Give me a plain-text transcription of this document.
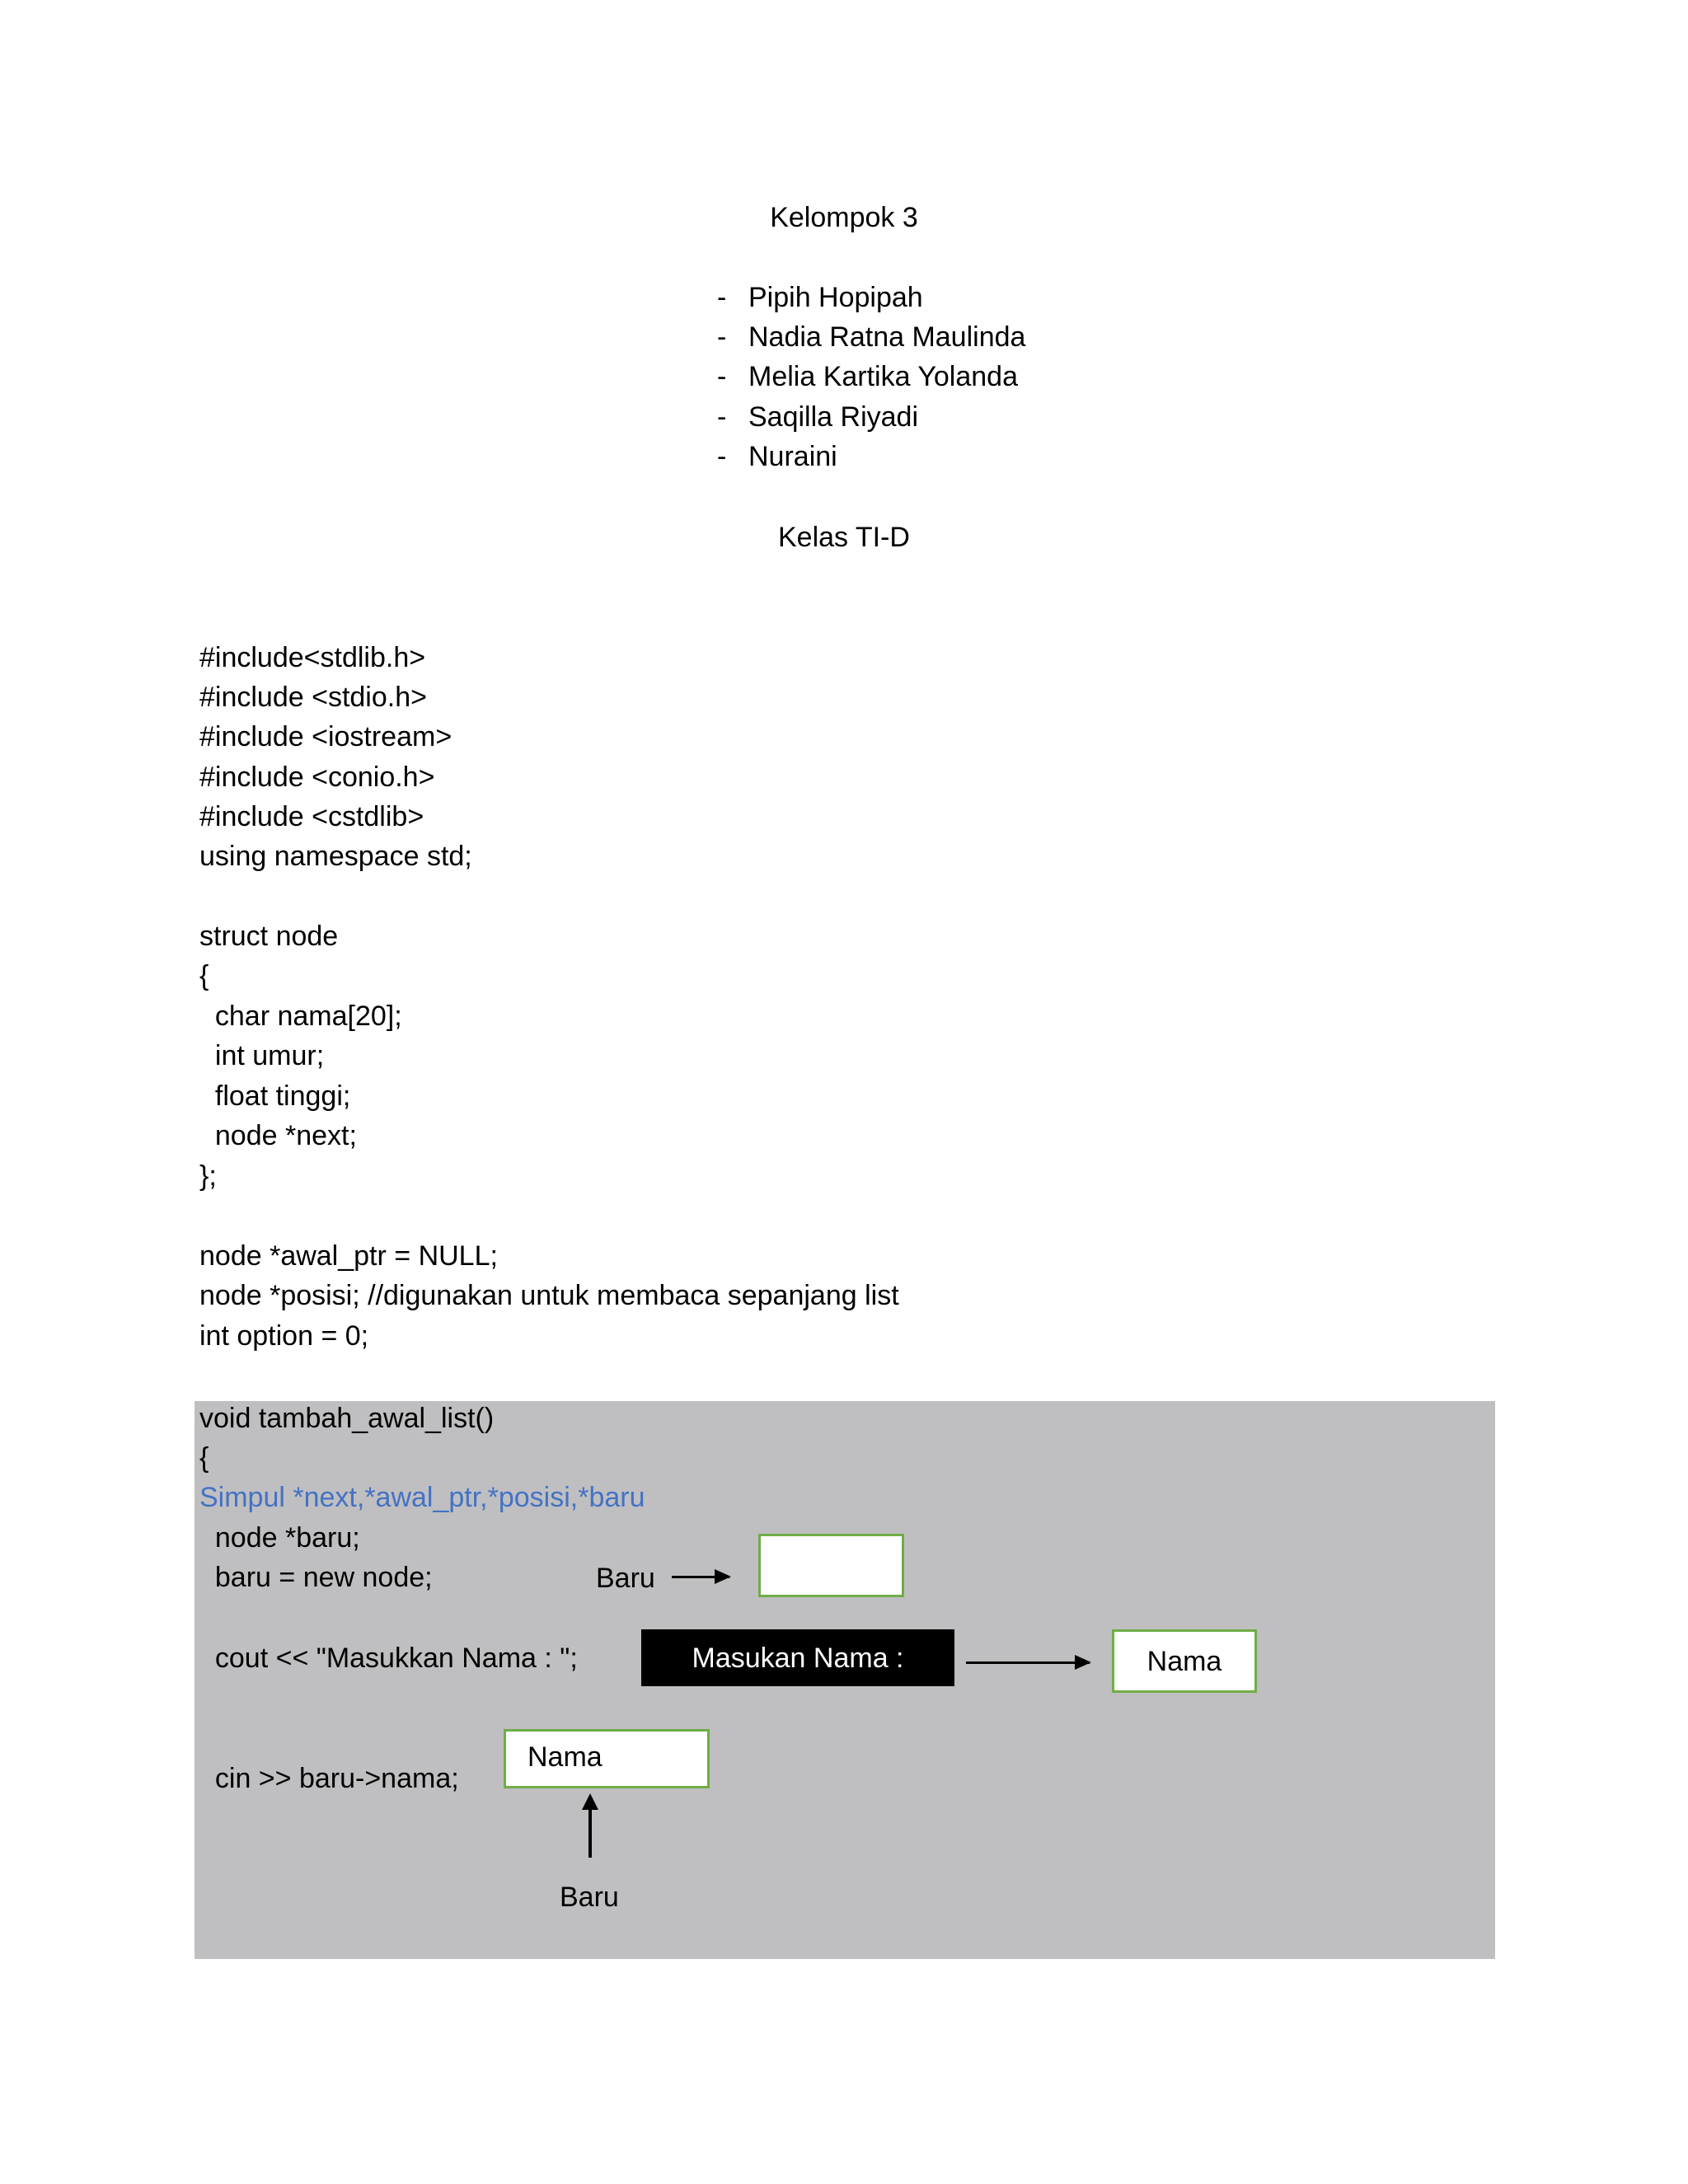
Kelompok 3
- Pipih Hopipah
- Nadia Ratna Maulinda
- Melia Kartika Yolanda
- Saqilla Riyadi
- Nuraini
Kelas TI-D
#include<stdlib.h>
#include <stdio.h>
#include <iostream>
#include <conio.h>
#include <cstdlib>
using namespace std;
struct node
{
char nama[20];
int umur;
float tinggi;
node *next;
};
node *awal_ptr = NULL;
node *posisi; //digunakan untuk membaca sepanjang list
int option = 0;
void tambah_awal_list()
{
Simpul *next,*awal_ptr,*posisi,*baru
node *baru;
baru = new node;
cout << "Masukkan Nama : ";
cin >> baru->nama;
Baru
Masukan Nama :	Nama
Nama
Baru
